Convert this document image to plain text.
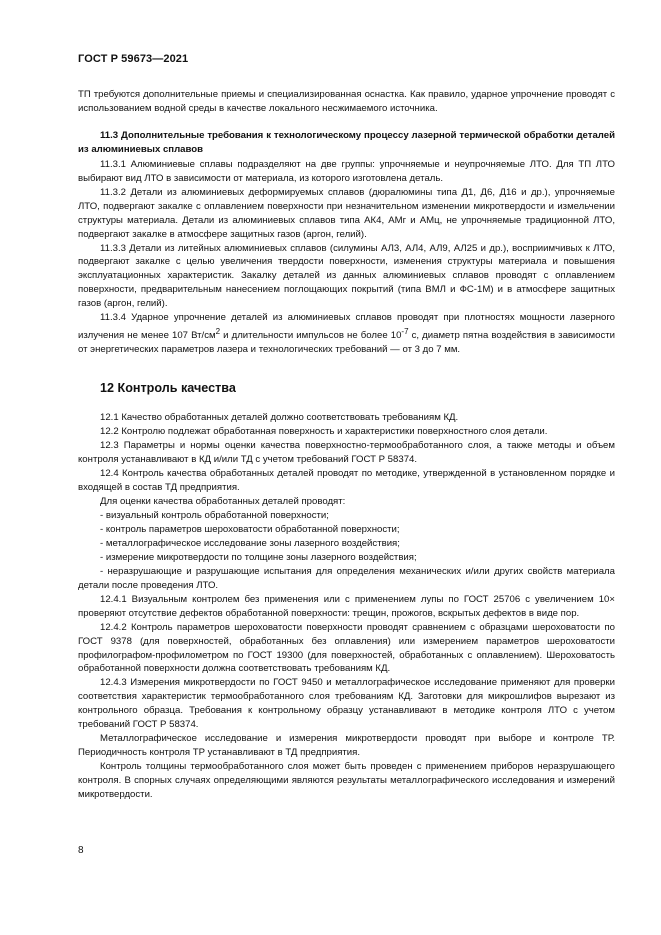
ГОСТ Р 59673—2021

ТП требуются дополнительные приемы и специализированная оснастка. Как правило, ударное упрочнение проводят с использованием водной среды в качестве локального несжимаемого источника.

11.3 Дополнительные требования к технологическому процессу лазерной термической обработки деталей из алюминиевых сплавов

11.3.1 Алюминиевые сплавы подразделяют на две группы: упрочняемые и неупрочняемые ЛТО. Для ТП ЛТО выбирают вид ЛТО в зависимости от материала, из которого изготовлена деталь.

11.3.2 Детали из алюминиевых деформируемых сплавов (дюралюмины типа Д1, Д6, Д16 и др.), упрочняемые ЛТО, подвергают закалке с оплавлением поверхности при незначительном изменении микротвердости и измельчении структуры материала. Детали из алюминиевых сплавов типа АК4, АМг и АМц, не упрочняемые традиционной ЛТО, подвергают закалке в атмосфере защитных газов (аргон, гелий).

11.3.3 Детали из литейных алюминиевых сплавов (силумины АЛ3, АЛ4, АЛ9, АЛ25 и др.), восприимчивых к ЛТО, подвергают закалке с целью увеличения твердости поверхности, изменения структуры материала и повышения эксплуатационных характеристик. Закалку деталей из данных алюминиевых сплавов проводят с оплавлением поверхности, предварительным нанесением поглощающих покрытий (типа ВМЛ и ФС-1М) и в атмосфере защитных газов (аргон, гелий).

11.3.4 Ударное упрочнение деталей из алюминиевых сплавов проводят при плотностях мощности лазерного излучения не менее 107 $Вт/см^2$ и длительности импульсов не более $10^{-7}$ с, диаметр пятна воздействия в зависимости от энергетических параметров лазера и технологических требований — от 3 до 7 мм.

12 Контроль качества

12.1 Качество обработанных деталей должно соответствовать требованиям КД.

12.2 Контролю подлежат обработанная поверхность и характеристики поверхностного слоя детали.

12.3 Параметры и нормы оценки качества поверхностно-термообработанного слоя, а также методы и объем контроля устанавливают в КД и/или ТД с учетом требований ГОСТ Р 58374.

12.4 Контроль качества обработанных деталей проводят по методике, утвержденной в установленном порядке и входящей в состав ТД предприятия.

Для оценки качества обработанных деталей проводят:

- визуальный контроль обработанной поверхности;

- контроль параметров шероховатости обработанной поверхности;

- металлографическое исследование зоны лазерного воздействия;

- измерение микротвердости по толщине зоны лазерного воздействия;

- неразрушающие и разрушающие испытания для определения механических и/или других свойств материала детали после проведения ЛТО.

12.4.1 Визуальным контролем без применения или с применением лупы по ГОСТ 25706 с увеличением 10× проверяют отсутствие дефектов обработанной поверхности: трещин, прожогов, вскрытых дефектов в виде пор.

12.4.2 Контроль параметров шероховатости поверхности проводят сравнением с образцами шероховатости по ГОСТ 9378 (для поверхностей, обработанных без оплавления) или измерением параметров шероховатости профилографом-профилометром по ГОСТ 19300 (для поверхностей, обработанных с оплавлением). Шероховатость обработанной поверхности должна соответствовать требованиям КД.

12.4.3 Измерения микротвердости по ГОСТ 9450 и металлографическое исследование применяют для проверки соответствия характеристик термообработанного слоя требованиям КД. Заготовки для микрошлифов вырезают из контрольного образца. Требования к контрольному образцу устанавливают в методике контроля ЛТО с учетом требований ГОСТ Р 58374.

Металлографическое исследование и измерения микротвердости проводят при выборе и контроле ТР. Периодичность контроля ТР устанавливают в ТД предприятия.

Контроль толщины термообработанного слоя может быть проведен с применением приборов неразрушающего контроля. В спорных случаях определяющими являются результаты металлографического исследования и измерений микротвердости.

8
